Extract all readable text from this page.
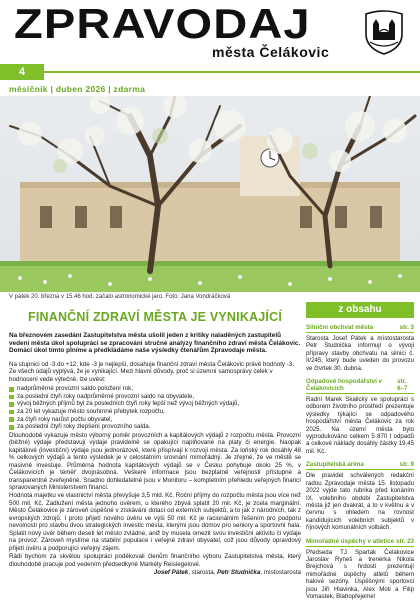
ZPRAVODAJ
města Čelákovic
4
měsíčník | duben 2026 | zdarma
V pátek 20. března v 15.46 hod. začalo astronomické jaro. Foto: Jana Vondráčková
FINANČNÍ ZDRAVÍ MĚSTA JE VYNIKAJÍCÍ

Na březnovém zasedání Zastupitelstva města ušolil jeden z kritiky naladěných zastupitelů vedení města úkol spolupráci se zpracování stručné analýzy finančního zdraví města Čelákovic. Domácí úkol tímto plníme a předkládáme naše výsledky čtenářům Zpravodaje města.

Na stupnici od -3 do +12, kde -3 je nejlepší, dosahuje finanční zdraví města Čelákovic právě hodnoty -3. Ze všech údajů vyplývá, že je vynikající. Mezi hlavní důvody, proč si územní samosprávy celek v hodnocení vede výtečně, lze uvést:

nadprůměrné provozní saldo položení rok,
za poslední čtyři roky nadprůměrné provozní saldo na obyvatele,
vývoj běžných příjmů byl za posledních čtyři roky lepší než vývoj běžných výdajů,
za 20 let vykazuje město souhrnné přebytek rozpočtu,
za čtyři roky narůst počtu obyvatel,
za poslední čtyři roky zlepšení provozního salda.

Dlouhodobě vykazuje město výborný poměr provozních a kapitálových výdajů z rozpočtu města. Provozní (běžné) výdaje představují výdaje pravidelně se opakující naplňované na platy či energie. Naopak kapitálové (investiční) výdaje jsou jednorázové, které přispívají k rozvoji města. Za loňský rok dosáhly 48 % celkových výdajů a tento výsledek je v celostátním srovnání mimořádný. Je zřejmé, že ve městě se masivně investuje. Průměrná hodnota kapitálových výdajů se v Česku pohybuje okolo 25 %, v Čelákovicích je téměř dvojnásobná. Veškeré informace jsou bezplatně veřejnosti přístupné a transparentně zveřejněné. Snadno dohledatelné jsou v Monitoru – kompletním přehledu veřejných financí spravovaných Ministerstvem financí.

Hodnota majetku ve vlastnictví města převyšuje 3,5 mld. Kč. Roční příjmy do rozpočtu města jsou více než 500 mil. Kč. Zadlužení města jednoho úvěrem, u kterého zbývá splatit 20 mil. Kč, je zcela marginální. Město Čelákovice je zároveň úspěšné v získávání dotací od externích subjektů, a to jak z národních, tak z evropských zdrojů. I proto přijetí nového úvěru ve výši 50 mil. Kč je racionálním řešením pro podporu nevolnosti pro stavbu dvou strategických investic města, kterými jsou domov pro seniory a sportovní hala. Splatit nový úvěr během deseti let město zvládne, aniž by musela omezit svou investiční aktivitu či výdaje na provoz. Zároveň myslíme na stabilní populace i veřejné zdraví obyvatel, což jsou důvody opravdový přijetí úvěru a podporující veřejný zájem.

Rádi bychom za skvělou spolupráci poděkovali členům finančního výboru Zastupitelstva města, který dlouhodobě pracuje pod vedením předsedkyně Markéty Reisiegelové.

Josef Pátek, starosta, Petr Studnička, místostarosta

z obsahu
Silniční obchvat města	str. 3

Starosta Josef Pátek a místostarosta Petr Studnička informují o vývoji přípravy stavby obchvatu na silnici č. II/245, který bude uveden do provozu ve čtvrtek 30. dubna.

Odpadové hospodářství v Čelákovicích
str. 6–7

Radní Marek Skalický ve spolupráci s odborem životního prostředí prezentuje výsledky týkající se odpadového hospodářství města Čelákovic za rok 2025. Na území města bylo vyprodukováno celkem 5 870 t odpadů a celkové náklady dosáhly částky 19,45 mil. Kč.

Zastupitelská aréna	str. 9

Dle pravidel schválených redakční radou Zpravodaje města 15. listopadu 2022 vyjde tato rubrika před konáním IX. volebního období Zastupitelstva města již jen dvakrát, a to v květnu a v červnu s ohledem na rovnost kandidujících volebních subjektů v říjnových komunálních volbách.

Mimořádné úspěchy v atletice str. 23

Předseda TJ Spartak Čelákovice Jaroslav Ryneš a trenérka Nikola Brejchová s hrdostí prezentují mimořádné úspěchy atletů během halové sezóny. Úspěšnými sportovci jsou Jiří Hlavinka, Alex Moti a Filip Vomastek, Blahopřejeme!
